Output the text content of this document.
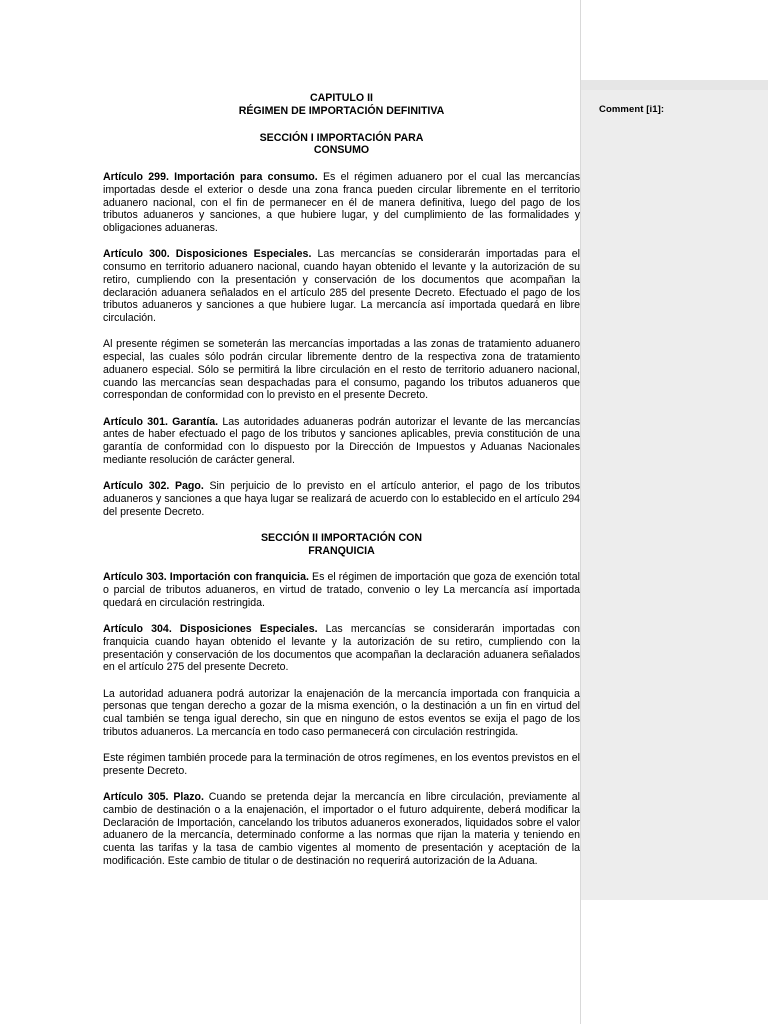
CAPITULO II
RÉGIMEN DE IMPORTACIÓN DEFINITIVA
SECCIÓN I IMPORTACIÓN PARA
CONSUMO

Artículo 299. Importación para consumo. Es el régimen aduanero por el cual las mercancías importadas desde el exterior o desde una zona franca pueden circular libremente en el territorio aduanero nacional, con el fin de permanecer en él de manera definitiva, luego del pago de los tributos aduaneros y sanciones, a que hubiere lugar, y del cumplimiento de las formalidades y obligaciones aduaneras.

Artículo 300. Disposiciones Especiales. Las mercancías se considerarán importadas para el consumo en territorio aduanero nacional, cuando hayan obtenido el levante y la autorización de su retiro, cumpliendo con la presentación y conservación de los documentos que acompañan la declaración aduanera señalados en el artículo 285 del presente Decreto. Efectuado el pago de los tributos aduaneros y sanciones a que hubiere lugar. La mercancía así importada quedará en libre circulación.

Al presente régimen se someterán las mercancías importadas a las zonas de tratamiento aduanero especial, las cuales sólo podrán circular libremente dentro de la respectiva zona de tratamiento aduanero especial. Sólo se permitirá la libre circulación en el resto de territorio aduanero nacional, cuando las mercancías sean despachadas para el consumo, pagando los tributos aduaneros que correspondan de conformidad con lo previsto en el presente Decreto.

Artículo 301. Garantía. Las autoridades aduaneras podrán autorizar el levante de las mercancías antes de haber efectuado el pago de los tributos y sanciones aplicables, previa constitución de una garantía de conformidad con lo dispuesto por la Dirección de Impuestos y Aduanas Nacionales mediante resolución de carácter general.

Artículo 302. Pago. Sin perjuicio de lo previsto en el artículo anterior, el pago de los tributos aduaneros y sanciones a que haya lugar se realizará de acuerdo con lo establecido en el artículo 294 del presente Decreto.

SECCIÓN II IMPORTACIÓN CON
FRANQUICIA

Artículo 303. Importación con franquicia. Es el régimen de importación que goza de exención total o parcial de tributos aduaneros, en virtud de tratado, convenio o ley La mercancía así importada quedará en circulación restringida.

Artículo 304. Disposiciones Especiales. Las mercancías se considerarán importadas con franquicia cuando hayan obtenido el levante y la autorización de su retiro, cumpliendo con la presentación y conservación de los documentos que acompañan la declaración aduanera señalados en el artículo 275 del presente Decreto.

La autoridad aduanera podrá autorizar la enajenación de la mercancía importada con franquicia a personas que tengan derecho a gozar de la misma exención, o la destinación a un fin en virtud del cual también se tenga igual derecho, sin que en ninguno de estos eventos se exija el pago de los tributos aduaneros. La mercancía en todo caso permanecerá con circulación restringida.

Este régimen también procede para la terminación de otros regímenes, en los eventos previstos en el presente Decreto.

Artículo 305. Plazo. Cuando se pretenda dejar la mercancía en libre circulación, previamente al cambio de destinación o a la enajenación, el importador o el futuro adquirente, deberá modificar la Declaración de Importación, cancelando los tributos aduaneros exonerados, liquidados sobre el valor aduanero de la mercancía, determinado conforme a las normas que rijan la materia y teniendo en cuenta las tarifas y la tasa de cambio vigentes al momento de presentación y aceptación de la modificación. Este cambio de titular o de destinación no requerirá autorización de la Aduana.

Comment [i1]:
